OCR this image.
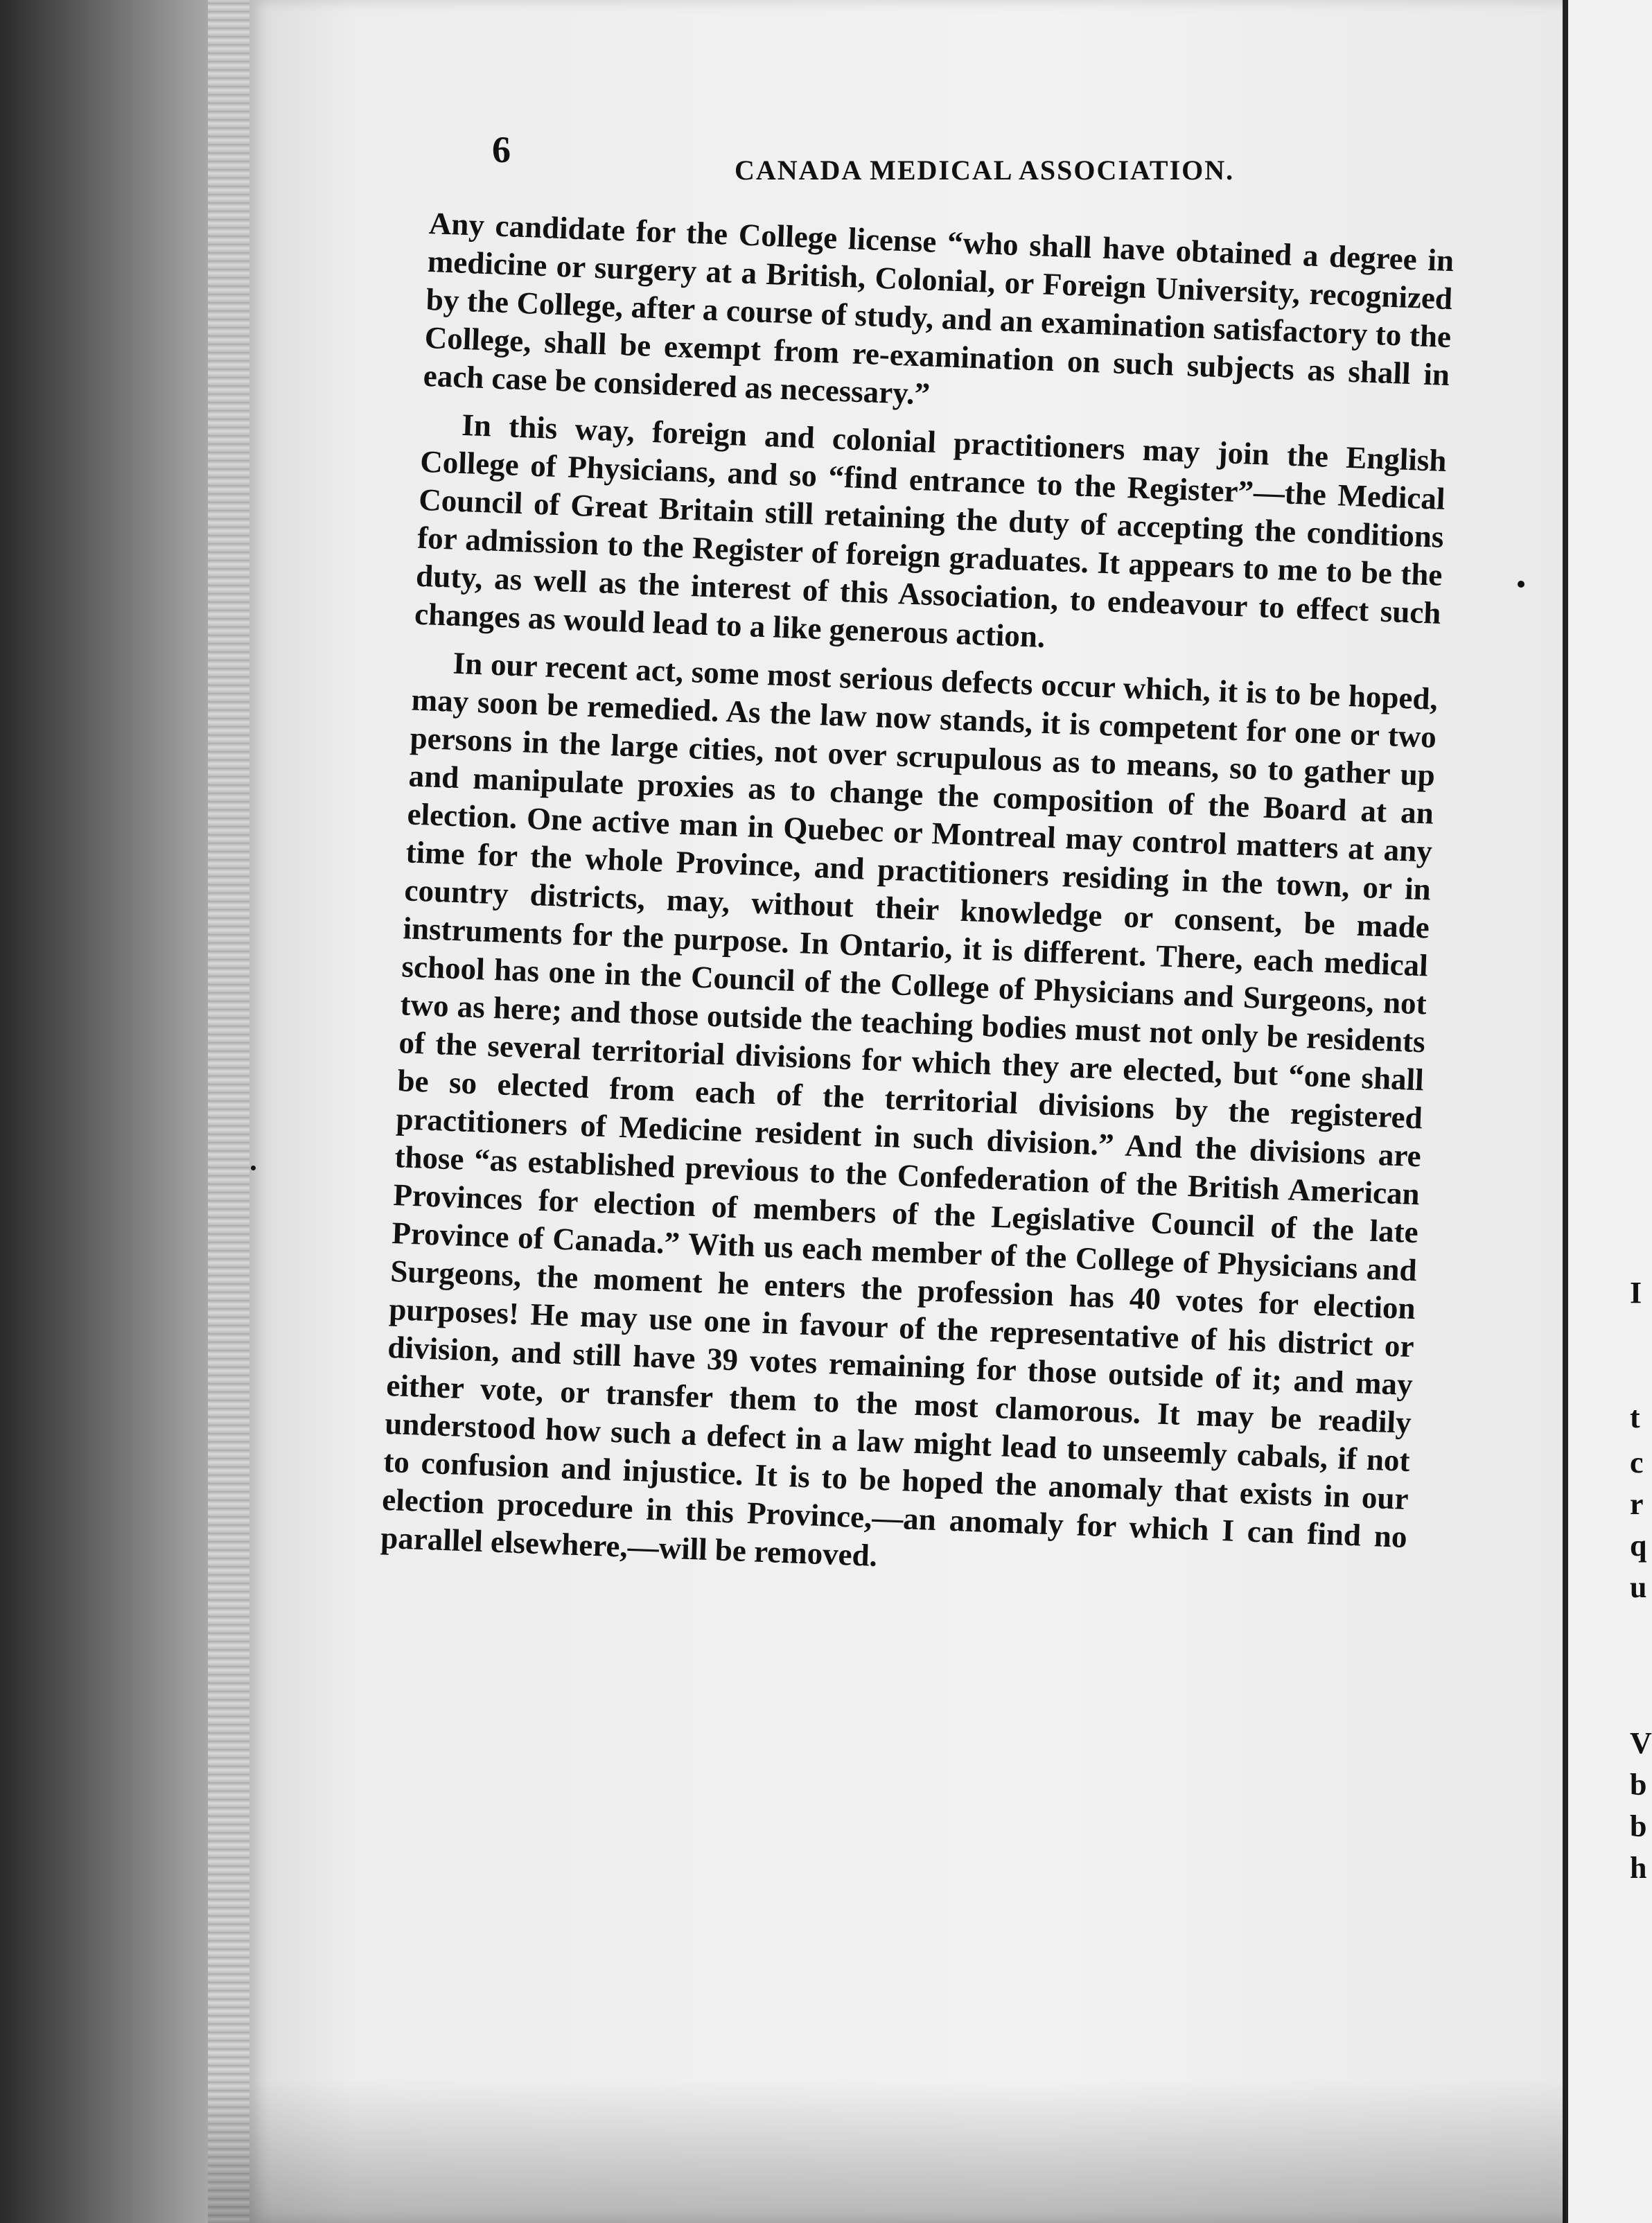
I
t
c
r
q
u
V
b
b
h
6	CANADA MEDICAL ASSOCIATION.

Any candidate for the College license “who shall have obtained a degree in medicine or surgery at a British, Colonial, or Foreign University, recognized by the College, after a course of study, and an examination satisfactory to the College, shall be exempt from re-examination on such subjects as shall in each case be considered as necessary.”

In this way, foreign and colonial practitioners may join the English College of Physicians, and so “find entrance to the Register”—the Medical Council of Great Britain still retaining the duty of accepting the conditions for admission to the Register of foreign graduates. It appears to me to be the duty, as well as the interest of this Association, to endeavour to effect such changes as would lead to a like generous action.

In our recent act, some most serious defects occur which, it is to be hoped, may soon be remedied. As the law now stands, it is competent for one or two persons in the large cities, not over scrupulous as to means, so to gather up and manipulate proxies as to change the composition of the Board at an election. One active man in Quebec or Montreal may control matters at any time for the whole Province, and practitioners residing in the town, or in country districts, may, without their knowledge or consent, be made instruments for the purpose. In Ontario, it is different. There, each medical school has one in the Council of the College of Physicians and Surgeons, not two as here; and those outside the teaching bodies must not only be residents of the several territorial divisions for which they are elected, but “one shall be so elected from each of the territorial divisions by the registered practitioners of Medicine resident in such division.” And the divisions are those “as established previous to the Confederation of the British American Provinces for election of members of the Legislative Council of the late Province of Canada.” With us each member of the College of Physicians and Surgeons, the moment he enters the profession has 40 votes for election purposes! He may use one in favour of the representative of his district or division, and still have 39 votes remaining for those outside of it; and may either vote, or transfer them to the most clamorous. It may be readily understood how such a defect in a law might lead to unseemly cabals, if not to confusion and injustice. It is to be hoped the anomaly that exists in our election procedure in this Province,—an anomaly for which I can find no parallel elsewhere,—will be removed.
